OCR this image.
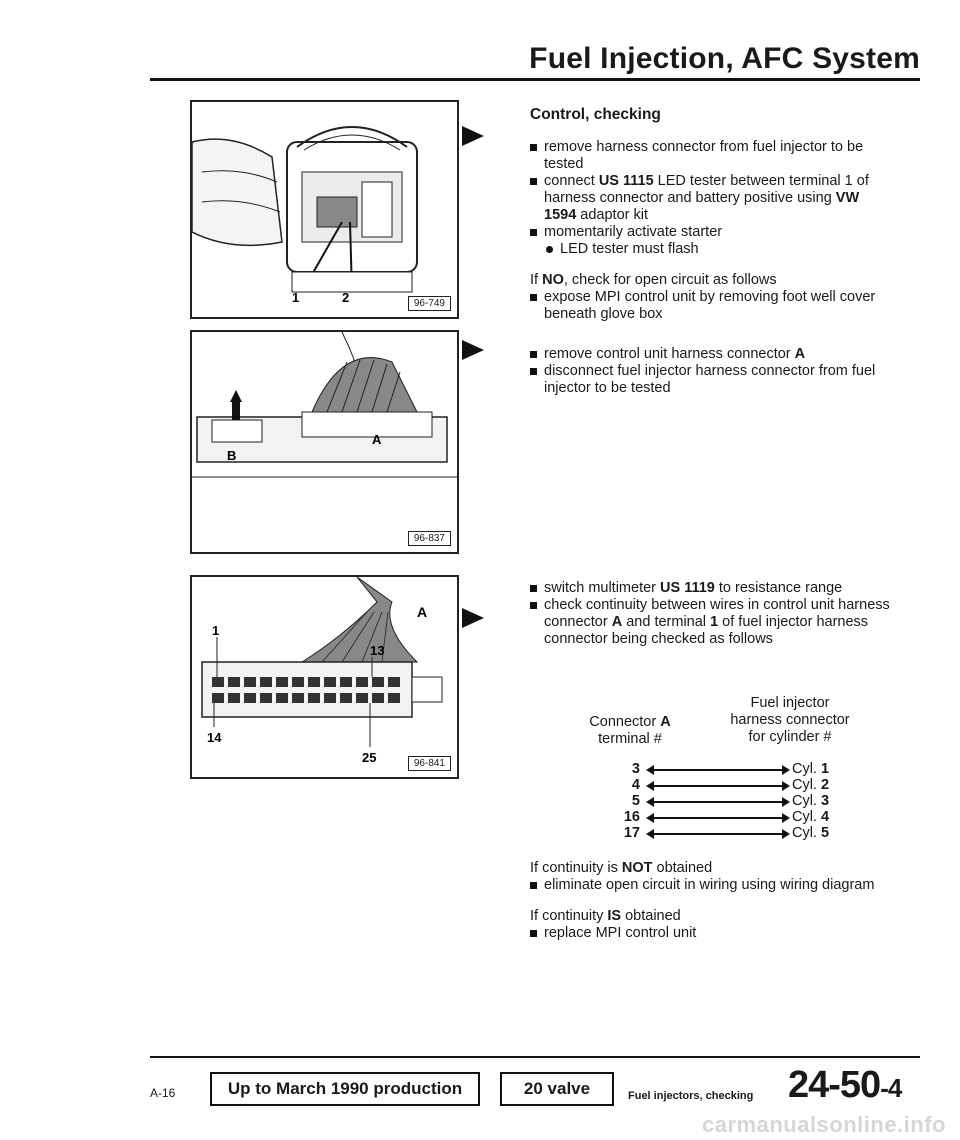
Fuel Injection, AFC System
1	2	96-749
A
B
96-837
A
1
13
14
25	96-841
Control, checking

remove harness connector from fuel injector to be tested

connect US 1115 LED tester between terminal 1 of harness connector and battery positive using VW 1594 adaptor kit

momentarily activate starter

LED tester must flash

If NO, check for open circuit as follows

expose MPI control unit by removing foot well cover beneath glove box

remove control unit harness connector A

disconnect fuel injector harness connector from fuel injector to be tested

switch multimeter US 1119 to resistance range

check continuity between wires in control unit harness connector A and terminal 1 of fuel injector harness connector being checked as follows

Connector A
terminal #
Fuel injector
harness connector
for cylinder #
3	Cyl. 1
4	Cyl. 2
5	Cyl. 3
16	Cyl. 4
17	Cyl. 5

If continuity is NOT obtained

eliminate open circuit in wiring using wiring diagram

If continuity IS obtained

replace MPI control unit

A-16	Up to March 1990 production	20 valve	Fuel injectors, checking 24-50-4
carmanualsonline.info
